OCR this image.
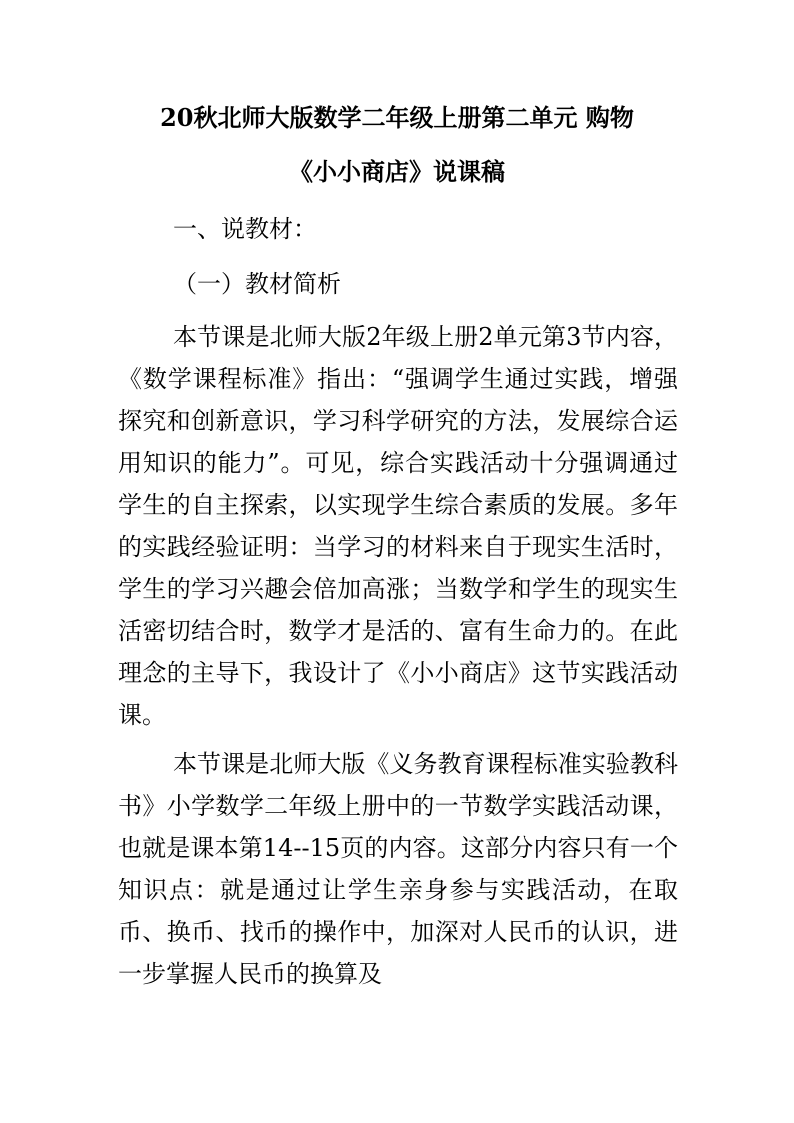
20秋北师大版数学二年级上册第二单元 购物
《小小商店》说课稿
一、说教材：
（一）教材简析

本节课是北师大版2年级上册2单元第3节内容，《数学课程标准》指出：“强调学生通过实践，增强探究和创新意识，学习科学研究的方法，发展综合运用知识的能力”。可见，综合实践活动十分强调通过学生的自主探索，以实现学生综合素质的发展。多年的实践经验证明：当学习的材料来自于现实生活时，学生的学习兴趣会倍加高涨；当数学和学生的现实生活密切结合时，数学才是活的、富有生命力的。在此理念的主导下，我设计了《小小商店》这节实践活动课。

本节课是北师大版《义务教育课程标准实验教科书》小学数学二年级上册中的一节数学实践活动课，也就是课本第14--15页的内容。这部分内容只有一个知识点：就是通过让学生亲身参与实践活动，在取币、换币、找币的操作中，加深对人民币的认识，进一步掌握人民币的换算及
